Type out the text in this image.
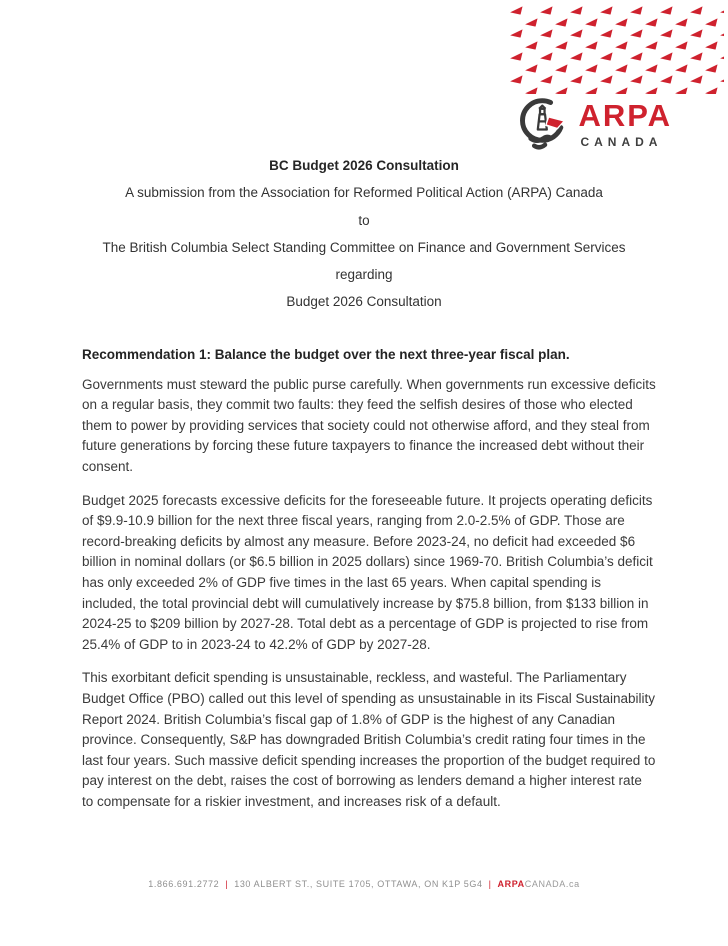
ARPA
CANADA
BC Budget 2026 Consultation
A submission from the Association for Reformed Political Action (ARPA) Canada
to
The British Columbia Select Standing Committee on Finance and Government Services
regarding
Budget 2026 Consultation

Recommendation 1: Balance the budget over the next three-year fiscal plan.

Governments must steward the public purse carefully. When governments run excessive deficits on a regular basis, they commit two faults: they feed the selfish desires of those who elected them to power by providing services that society could not otherwise afford, and they steal from future generations by forcing these future taxpayers to finance the increased debt without their consent.

Budget 2025 forecasts excessive deficits for the foreseeable future. It projects operating deficits of $9.9-10.9 billion for the next three fiscal years, ranging from 2.0-2.5% of GDP. Those are record-breaking deficits by almost any measure. Before 2023-24, no deficit had exceeded $6 billion in nominal dollars (or $6.5 billion in 2025 dollars) since 1969-70. British Columbia’s deficit has only exceeded 2% of GDP five times in the last 65 years. When capital spending is included, the total provincial debt will cumulatively increase by $75.8 billion, from $133 billion in 2024-25 to $209 billion by 2027-28. Total debt as a percentage of GDP is projected to rise from 25.4% of GDP to in 2023-24 to 42.2% of GDP by 2027-28.

This exorbitant deficit spending is unsustainable, reckless, and wasteful. The Parliamentary Budget Office (PBO) called out this level of spending as unsustainable in its Fiscal Sustainability Report 2024. British Columbia’s fiscal gap of 1.8% of GDP is the highest of any Canadian province. Consequently, S&P has downgraded British Columbia’s credit rating four times in the last four years. Such massive deficit spending increases the proportion of the budget required to pay interest on the debt, raises the cost of borrowing as lenders demand a higher interest rate to compensate for a riskier investment, and increases risk of a default.

1.866.691.2772 | 130 ALBERT ST., SUITE 1705, OTTAWA, ON K1P 5G4 | ARPACANADA.ca
